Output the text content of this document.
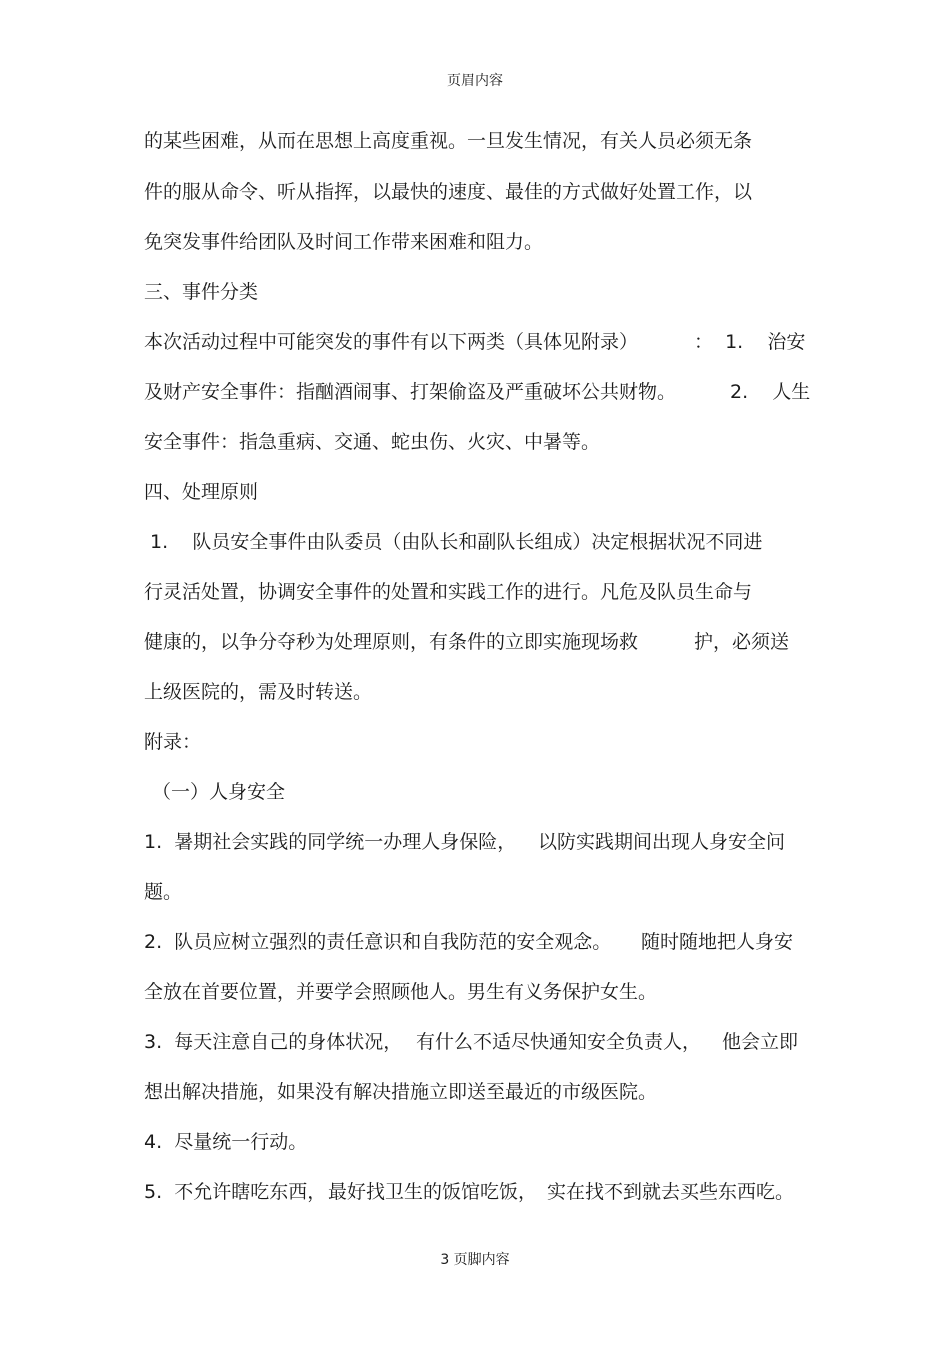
页眉内容
的某些困难，从而在思想上高度重视。一旦发生情况，有关人员必须无条
件的服从命令、听从指挥，以最快的速度、最佳的方式做好处置工作，以
免突发事件给团队及时间工作带来困难和阻力。
三、事件分类
本次活动过程中可能突发的事件有以下两类（具体见附录）	：  1.    治安
及财产安全事件：指酗酒闹事、打架偷盗及严重破坏公共财物。	2.    人生
安全事件：指急重病、交通、蛇虫伤、火灾、中暑等。
四、处理原则
1.    队员安全事件由队委员（由队长和副队长组成）决定根据状况不同进
行灵活处置，协调安全事件的处置和实践工作的进行。凡危及队员生命与
健康的，以争分夺秒为处理原则，有条件的立即实施现场救	护，必须送
上级医院的，需及时转送。
附录：
（一）人身安全
1.  暑期社会实践的同学统一办理人身保险， 以防实践期间出现人身安全问
题。
2.  队员应树立强烈的责任意识和自我防范的安全观念。 随时随地把人身安
全放在首要位置，并要学会照顾他人。男生有义务保护女生。
3.  每天注意自己的身体状况， 有什么不适尽快通知安全负责人， 他会立即
想出解决措施，如果没有解决措施立即送至最近的市级医院。
4.  尽量统一行动。
5.  不允许瞎吃东西， 最好找卫生的饭馆吃饭， 实在找不到就去买些东西吃。
3 页脚内容
